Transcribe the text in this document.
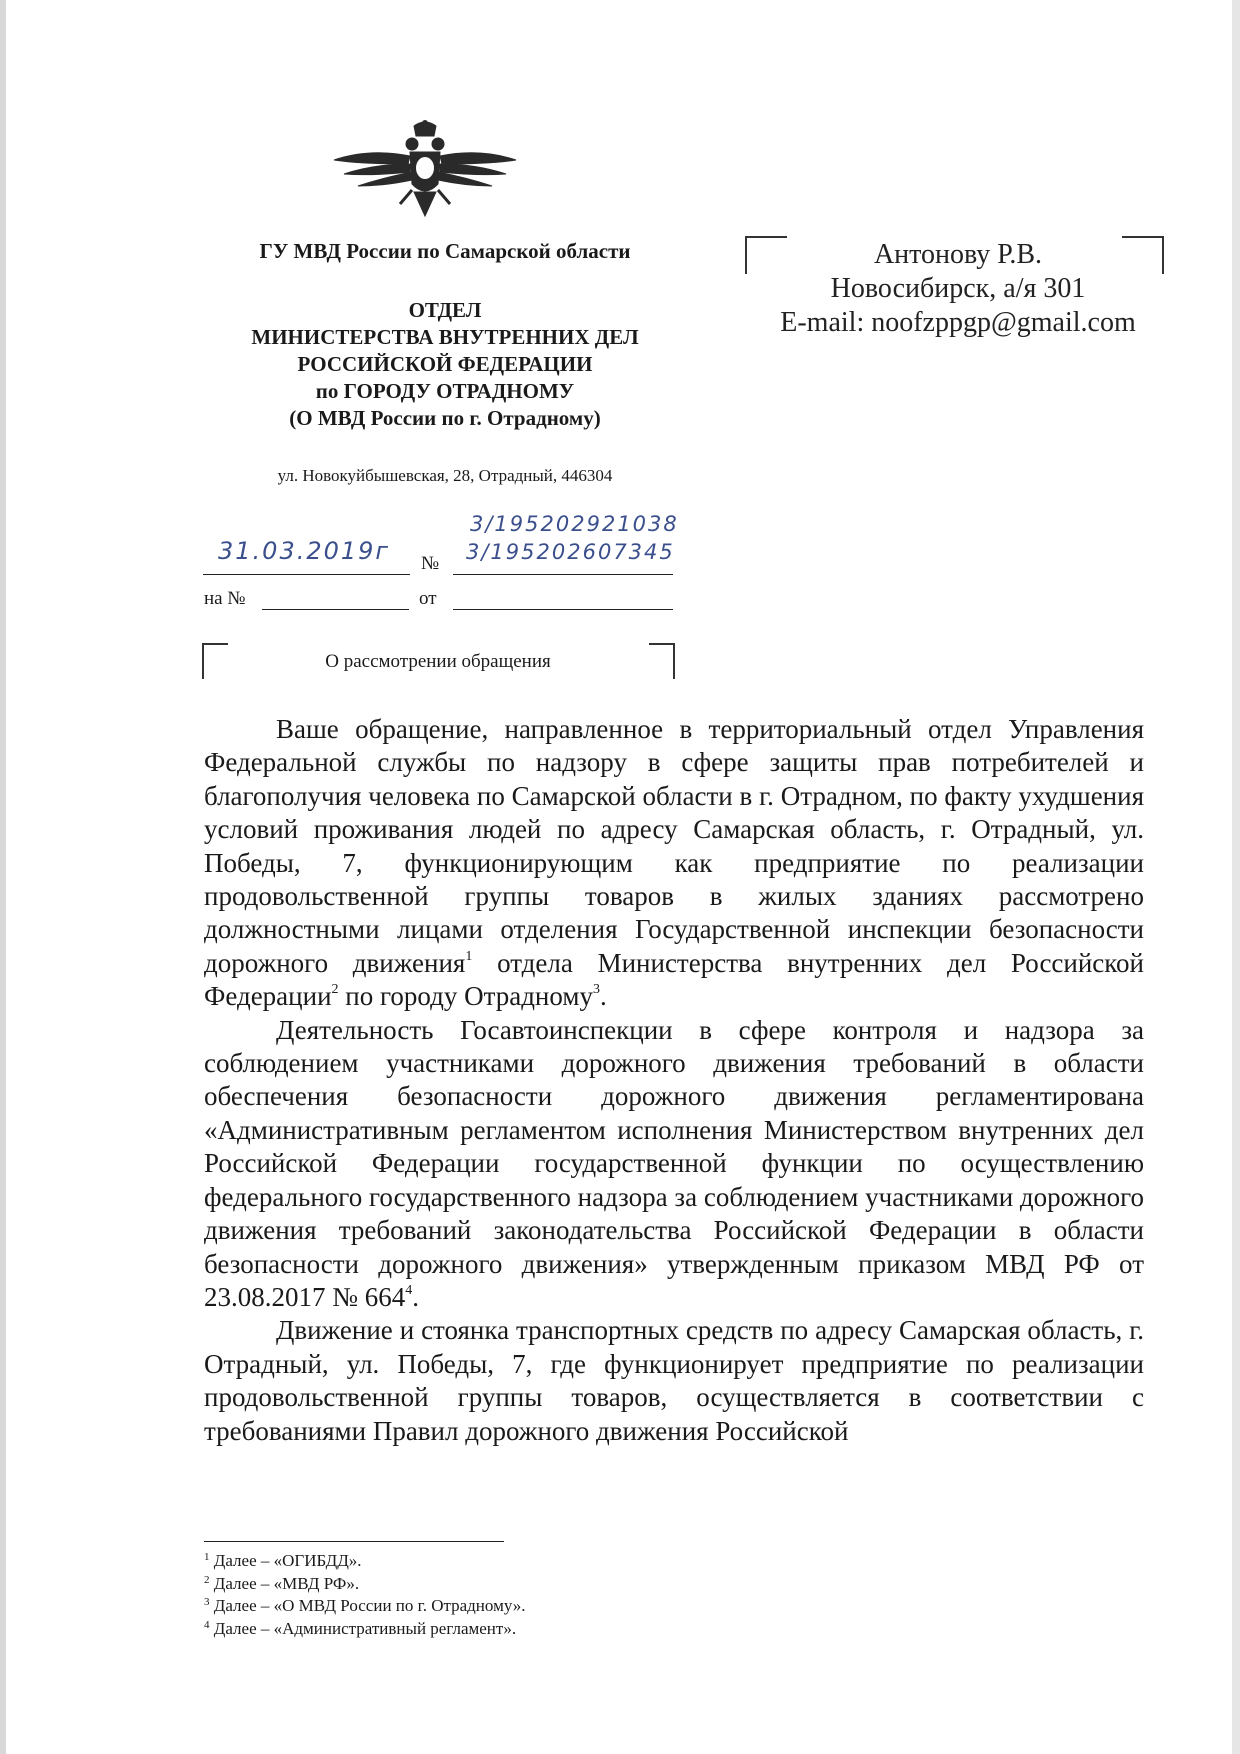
ГУ МВД России по Самарской области
ОТДЕЛ
МИНИСТЕРСТВА ВНУТРЕННИХ ДЕЛ
РОССИЙСКОЙ ФЕДЕРАЦИИ
по ГОРОДУ ОТРАДНОМУ
(О МВД России по г. Отрадному)
ул. Новокуйбышевская, 28, Отрадный, 446304
Антонову Р.В.
Новосибирск, а/я 301
E-mail: noofzppgp@gmail.com
31.03.2019г
3/195202921038
3/195202607345
№
на №	от
О рассмотрении обращения

Ваше обращение, направленное в территориальный отдел Управления Федеральной службы по надзору в сфере защиты прав потребителей и благополучия человека по Самарской области в г. Отрадном, по факту ухудшения условий проживания людей по адресу Самарская область, г. Отрадный, ул. Победы, 7, функционирующим как предприятие по реализации продовольственной группы товаров в жилых зданиях рассмотрено должностными лицами отделения Государственной инспекции безопасности дорожного движения$^1$ отдела Министерства внутренних дел Российской Федерации$^2$ по городу Отрадному$^3$.

Деятельность Госавтоинспекции в сфере контроля и надзора за соблюдением участниками дорожного движения требований в области обеспечения безопасности дорожного движения регламентирована «Административным регламентом исполнения Министерством внутренних дел Российской Федерации государственной функции по осуществлению федерального государственного надзора за соблюдением участниками дорожного движения требований законодательства Российской Федерации в области безопасности дорожного движения» утвержденным приказом МВД РФ от 23.08.2017 № $664^4$.

Движение и стоянка транспортных средств по адресу Самарская область, г. Отрадный, ул. Победы, 7, где функционирует предприятие по реализации продовольственной группы товаров, осуществляется в соответствии с требованиями Правил дорожного движения Российской

$^1$ Далее – «ОГИБДД».
$^2$ Далее – «МВД РФ».
$^3$ Далее – «О МВД России по г. Отрадному».
$^4$ Далее – «Административный регламент».
